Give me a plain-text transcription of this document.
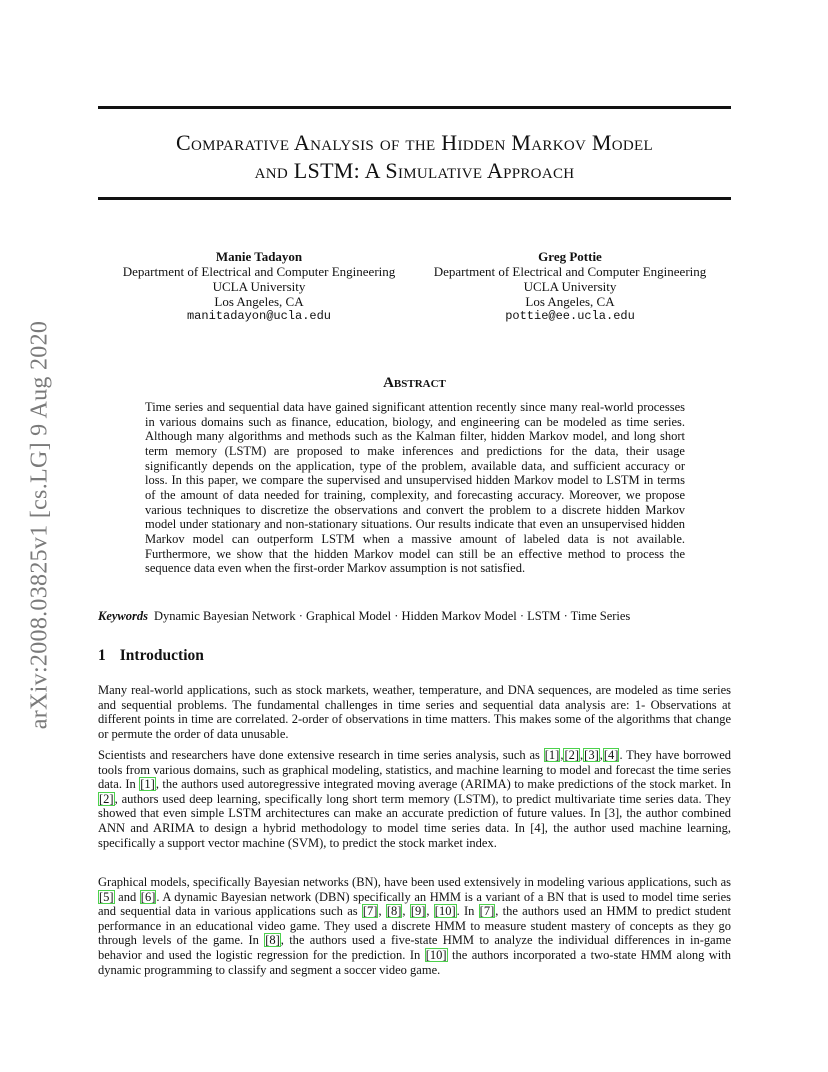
arXiv:2008.03825v1 [cs.LG] 9 Aug 2020
Comparative Analysis of the Hidden Markov Model
and LSTM: A Simulative Approach
Manie Tadayon
Department of Electrical and Computer Engineering
UCLA University
Los Angeles, CA
manitadayon@ucla.edu
Greg Pottie
Department of Electrical and Computer Engineering
UCLA University
Los Angeles, CA
pottie@ee.ucla.edu
Abstract
Time series and sequential data have gained significant attention recently since many real-world processes in various domains such as finance, education, biology, and engineering can be modeled as time series. Although many algorithms and methods such as the Kalman filter, hidden Markov model, and long short term memory (LSTM) are proposed to make inferences and predictions for the data, their usage significantly depends on the application, type of the problem, available data, and sufficient accuracy or loss. In this paper, we compare the supervised and unsupervised hidden Markov model to LSTM in terms of the amount of data needed for training, complexity, and forecasting accuracy. Moreover, we propose various techniques to discretize the observations and convert the problem to a discrete hidden Markov model under stationary and non-stationary situations. Our results indicate that even an unsupervised hidden Markov model can outperform LSTM when a massive amount of labeled data is not available. Furthermore, we show that the hidden Markov model can still be an effective method to process the sequence data even when the first-order Markov assumption is not satisfied.
Keywords Dynamic Bayesian Network · Graphical Model · Hidden Markov Model · LSTM · Time Series
1 Introduction
Many real-world applications, such as stock markets, weather, temperature, and DNA sequences, are modeled as time series and sequential problems. The fundamental challenges in time series and sequential data analysis are: 1- Observations at different points in time are correlated. 2-order of observations in time matters. This makes some of the algorithms that change or permute the order of data unusable.
Scientists and researchers have done extensive research in time series analysis, such as [1],[2],[3],[4]. They have borrowed tools from various domains, such as graphical modeling, statistics, and machine learning to model and forecast the time series data. In [1], the authors used autoregressive integrated moving average (ARIMA) to make predictions of the stock market. In [2], authors used deep learning, specifically long short term memory (LSTM), to predict multivariate time series data. They showed that even simple LSTM architectures can make an accurate prediction of future values. In [3], the author combined ANN and ARIMA to design a hybrid methodology to model time series data. In [4], the author used machine learning, specifically a support vector machine (SVM), to predict the stock market index.
Graphical models, specifically Bayesian networks (BN), have been used extensively in modeling various applications, such as [5] and [6]. A dynamic Bayesian network (DBN) specifically an HMM is a variant of a BN that is used to model time series and sequential data in various applications such as [7], [8], [9], [10]. In [7], the authors used an HMM to predict student performance in an educational video game. They used a discrete HMM to measure student mastery of concepts as they go through levels of the game. In [8], the authors used a five-state HMM to analyze the individual differences in in-game behavior and used the logistic regression for the prediction. In [10] the authors incorporated a two-state HMM along with dynamic programming to classify and segment a soccer video game.
